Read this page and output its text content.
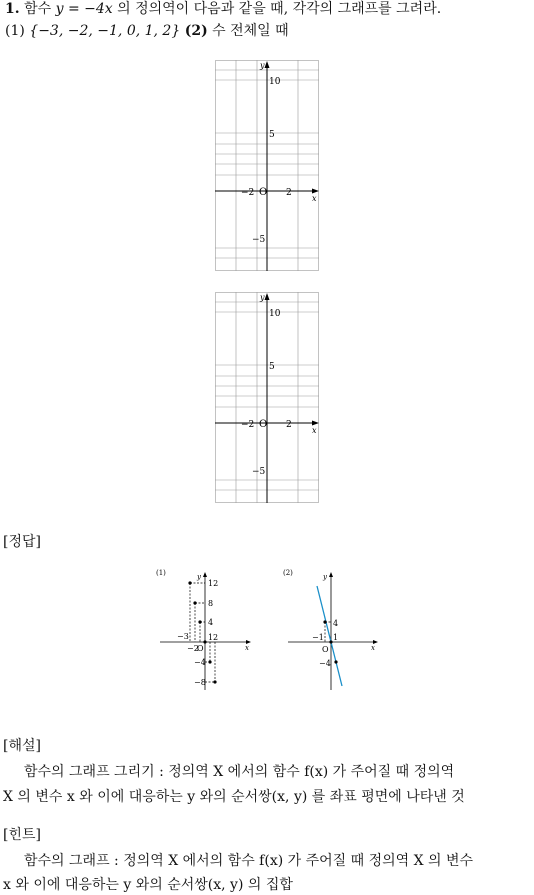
1. 함수 y = −4x 의 정의역이 다음과 같을 때, 각각의 그래프를 그려라.
(1) {−3, −2, −1, 0, 1, 2} (2) 수 전체일 때
y
x
10
5
−5
−2	2
O
y
x
10
5
−5
−2	2
O
[정답]
(1)	y
x
12
8
4
−4
−8
−3
−2
O
1 2
(2)	y
x
4
−4
−1 1
O
[해설]
함수의 그래프 그리기 : 정의역 X 에서의 함수 f(x) 가 주어질 때 정의역
X 의 변수 x 와 이에 대응하는 y 와의 순서쌍(x, y) 를 좌표 평면에 나타낸 것
[힌트]
함수의 그래프 : 정의역 X 에서의 함수 f(x) 가 주어질 때 정의역 X 의 변수
x 와 이에 대응하는 y 와의 순서쌍(x, y) 의 집합
